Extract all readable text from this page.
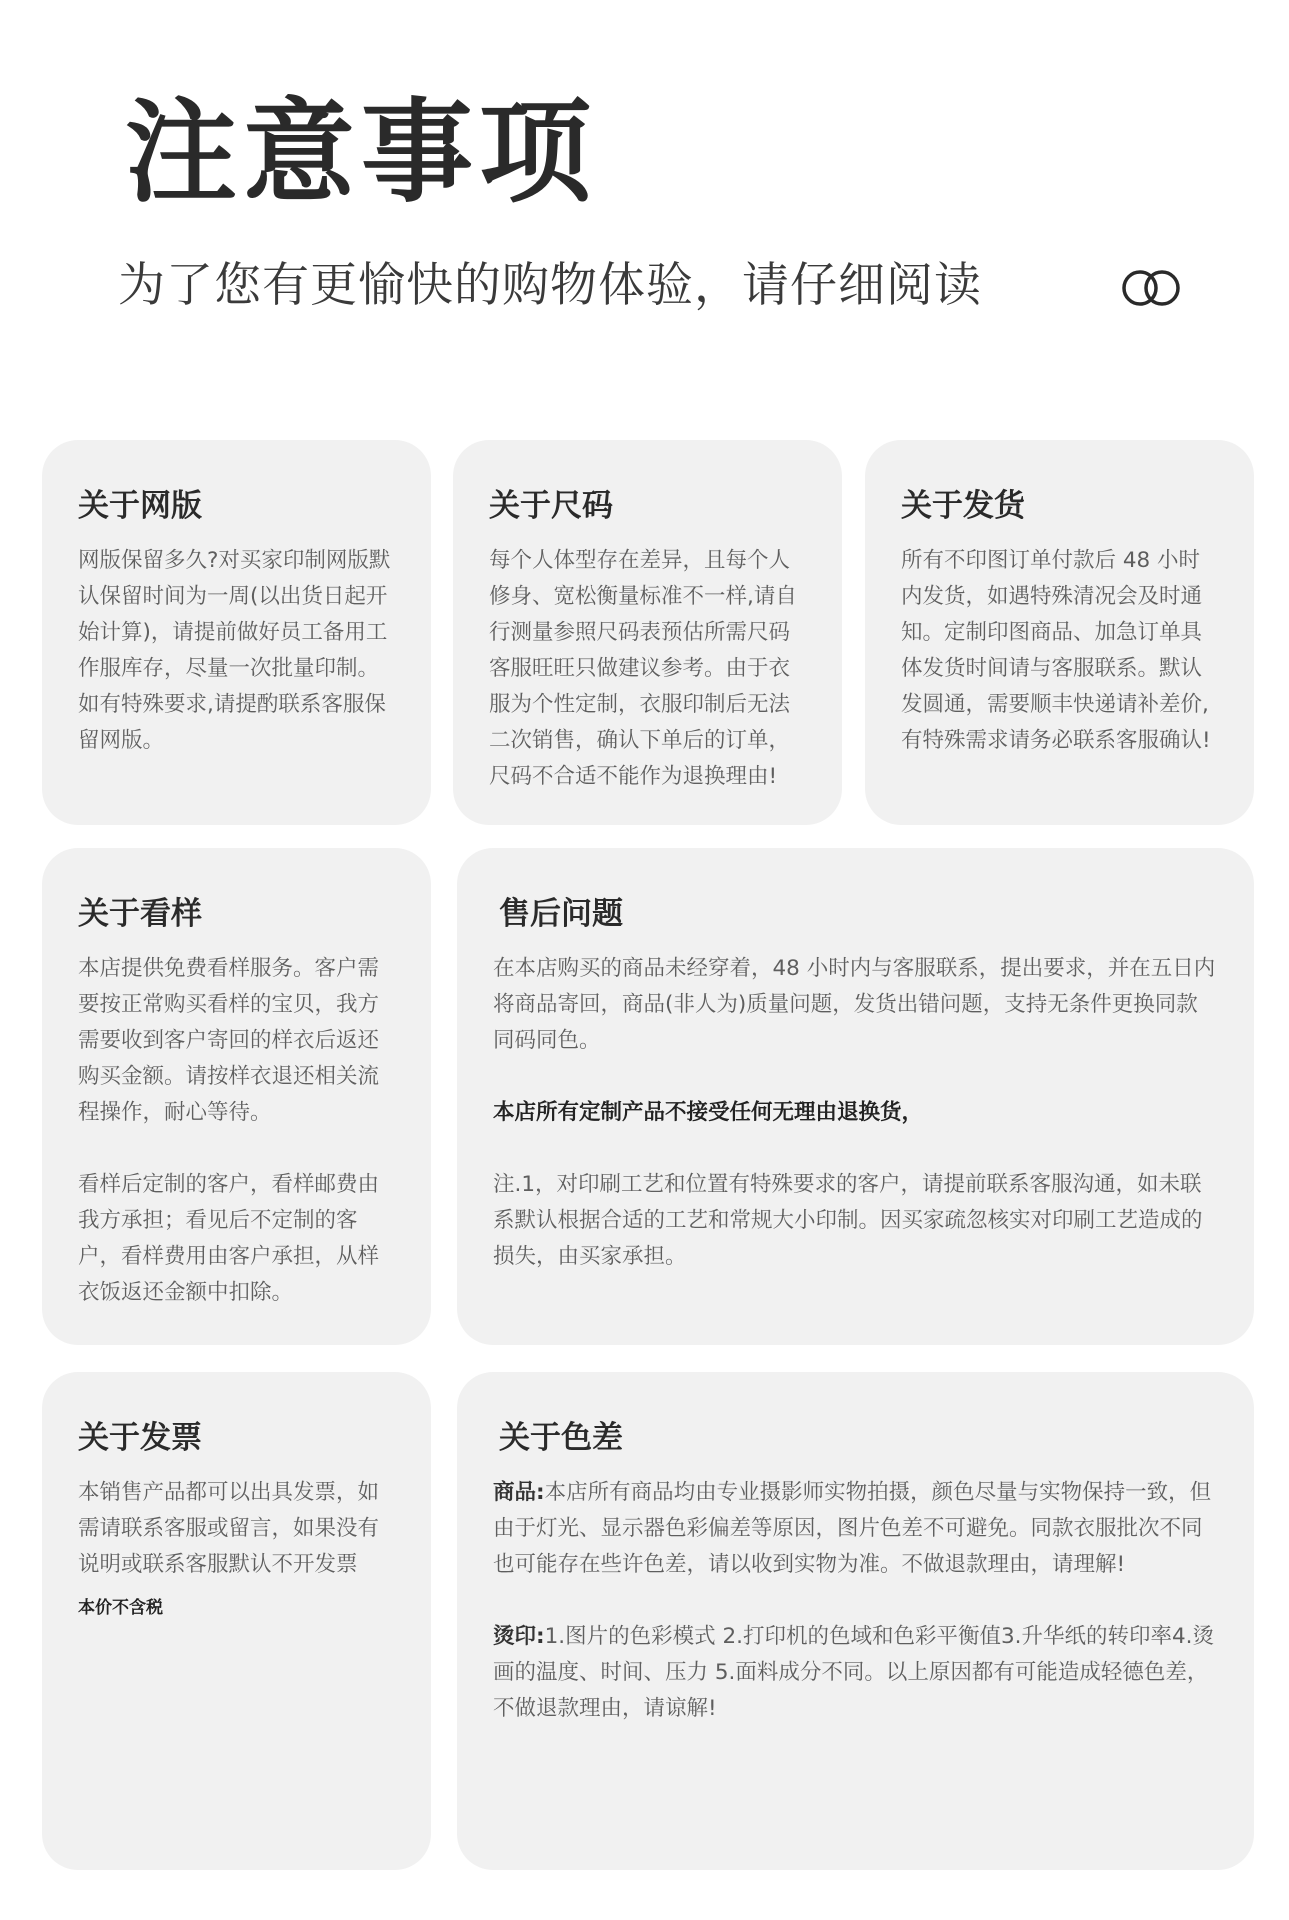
注意事项
为了您有更愉快的购物体验，请仔细阅读
关于网版

网版保留多久?对买家印制网版默认保留时间为一周(以出货日起开始计算)，请提前做好员工备用工作服库存，尽量一次批量印制。如有特殊要求,请提酌联系客服保留网版。

关于尺码

每个人体型存在差异，且每个人修身、宽松衡量标准不一样,请自行测量参照尺码表预估所需尺码客服旺旺只做建议参考。由于衣服为个性定制，衣服印制后无法二次销售，确认下单后的订单，尺码不合适不能作为退换理由!

关于发货

所有不印图订单付款后 48 小时内发货，如遇特殊清况会及时通知。定制印图商品、加急订单具体发货时间请与客服联系。默认发圆通，需要顺丰快递请补差价,有特殊需求请务必联系客服确认!

关于看样

本店提供免费看样服务。客户需要按正常购买看样的宝贝，我方需要收到客户寄回的样衣后返还购买金额。请按样衣退还相关流程操作，耐心等待。

看样后定制的客户，看样邮费由我方承担；看见后不定制的客户，看样费用由客户承担，从样衣饭返还金额中扣除。

售后问题

在本店购买的商品未经穿着，48 小时内与客服联系，提出要求，并在五日内将商品寄回，商品(非人为)质量问题，发货出错问题，支持无条件更换同款同码同色。

本店所有定制产品不接受任何无理由退换货，

注.1，对印刷工艺和位置有特殊要求的客户，请提前联系客服沟通，如未联系默认根据合适的工艺和常规大小印制。因买家疏忽核实对印刷工艺造成的损失，由买家承担。

关于发票

本销售产品都可以出具发票，如需请联系客服或留言，如果没有说明或联系客服默认不开发票

本价不含税
关于色差

商品:本店所有商品均由专业摄影师实物拍摄，颜色尽量与实物保持一致，但由于灯光、显示器色彩偏差等原因，图片色差不可避免。同款衣服批次不同也可能存在些许色差，请以收到实物为准。不做退款理由，请理解!

烫印:1.图片的色彩模式 2.打印机的色域和色彩平衡值3.升华纸的转印率4.烫画的温度、时间、压力 5.面料成分不同。以上原因都有可能造成轻德色差，不做退款理由，请谅解!
